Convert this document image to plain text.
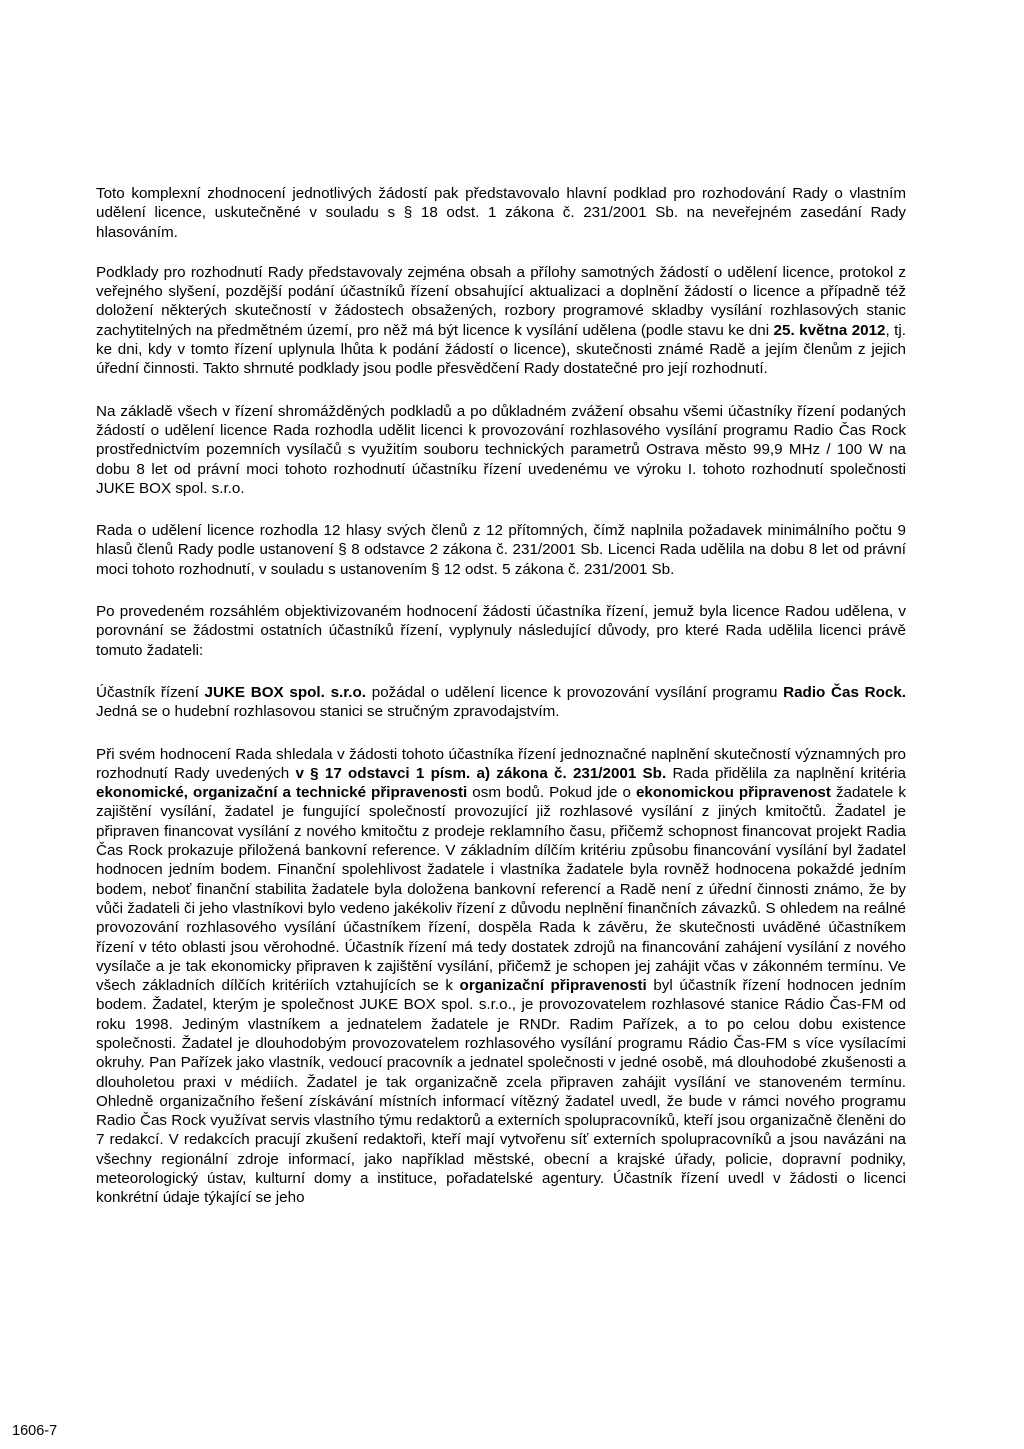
Toto komplexní zhodnocení jednotlivých žádostí pak představovalo hlavní podklad pro rozhodování Rady o vlastním udělení licence, uskutečněné v souladu s § 18 odst. 1 zákona č. 231/2001 Sb. na neveřejném zasedání Rady hlasováním.

Podklady pro rozhodnutí Rady představovaly zejména obsah a přílohy samotných žádostí o udělení licence, protokol z veřejného slyšení, pozdější podání účastníků řízení obsahující aktualizaci a doplnění žádostí o licence a případně též doložení některých skutečností v žádostech obsažených, rozbory programové skladby vysílání rozhlasových stanic zachytitelných na předmětném území, pro něž má být licence k vysílání udělena (podle stavu ke dni 25. května 2012, tj. ke dni, kdy v tomto řízení uplynula lhůta k podání žádostí o licence), skutečnosti známé Radě a jejím členům z jejich úřední činnosti. Takto shrnuté podklady jsou podle přesvědčení Rady dostatečné pro její rozhodnutí.

Na základě všech v řízení shromážděných podkladů a po důkladném zvážení obsahu všemi účastníky řízení podaných žádostí o udělení licence Rada rozhodla udělit licenci k provozování rozhlasového vysílání programu Radio Čas Rock prostřednictvím pozemních vysílačů s využitím souboru technických parametrů Ostrava město 99,9 MHz / 100 W na dobu 8 let od právní moci tohoto rozhodnutí účastníku řízení uvedenému ve výroku I. tohoto rozhodnutí společnosti JUKE BOX spol. s.r.o.

Rada o udělení licence rozhodla 12 hlasy svých členů z 12 přítomných, čímž naplnila požadavek minimálního počtu 9 hlasů členů Rady podle ustanovení § 8 odstavce 2 zákona č. 231/2001 Sb. Licenci Rada udělila na dobu 8 let od právní moci tohoto rozhodnutí, v souladu s ustanovením § 12 odst. 5 zákona č. 231/2001 Sb.

Po provedeném rozsáhlém objektivizovaném hodnocení žádosti účastníka řízení, jemuž byla licence Radou udělena, v porovnání se žádostmi ostatních účastníků řízení, vyplynuly následující důvody, pro které Rada udělila licenci právě tomuto žadateli:

Účastník řízení JUKE BOX spol. s.r.o. požádal o udělení licence k provozování vysílání programu Radio Čas Rock. Jedná se o hudební rozhlasovou stanici se stručným zpravodajstvím.

Při svém hodnocení Rada shledala v žádosti tohoto účastníka řízení jednoznačné naplnění skutečností významných pro rozhodnutí Rady uvedených v § 17 odstavci 1 písm. a) zákona č. 231/2001 Sb. Rada přidělila za naplnění kritéria ekonomické, organizační a technické připravenosti osm bodů. Pokud jde o ekonomickou připravenost žadatele k zajištění vysílání, žadatel je fungující společností provozující již rozhlasové vysílání z jiných kmitočtů. Žadatel je připraven financovat vysílání z nového kmitočtu z prodeje reklamního času, přičemž schopnost financovat projekt Radia Čas Rock prokazuje přiložená bankovní reference. V základním dílčím kritériu způsobu financování vysílání byl žadatel hodnocen jedním bodem. Finanční spolehlivost žadatele i vlastníka žadatele byla rovněž hodnocena pokaždé jedním bodem, neboť finanční stabilita žadatele byla doložena bankovní referencí a Radě není z úřední činnosti známo, že by vůči žadateli či jeho vlastníkovi bylo vedeno jakékoliv řízení z důvodu neplnění finančních závazků. S ohledem na reálné provozování rozhlasového vysílání účastníkem řízení, dospěla Rada k závěru, že skutečnosti uváděné účastníkem řízení v této oblasti jsou věrohodné. Účastník řízení má tedy dostatek zdrojů na financování zahájení vysílání z nového vysílače a je tak ekonomicky připraven k zajištění vysílání, přičemž je schopen jej zahájit včas v zákonném termínu. Ve všech základních dílčích kritériích vztahujících se k organizační připravenosti byl účastník řízení hodnocen jedním bodem. Žadatel, kterým je společnost JUKE BOX spol. s.r.o., je provozovatelem rozhlasové stanice Rádio Čas-FM od roku 1998. Jediným vlastníkem a jednatelem žadatele je RNDr. Radim Pařízek, a to po celou dobu existence společnosti. Žadatel je dlouhodobým provozovatelem rozhlasového vysílání programu Rádio Čas-FM s více vysílacími okruhy. Pan Pařízek jako vlastník, vedoucí pracovník a jednatel společnosti v jedné osobě, má dlouhodobé zkušenosti a dlouholetou praxi v médiích. Žadatel je tak organizačně zcela připraven zahájit vysílání ve stanoveném termínu. Ohledně organizačního řešení získávání místních informací vítězný žadatel uvedl, že bude v rámci nového programu Radio Čas Rock využívat servis vlastního týmu redaktorů a externích spolupracovníků, kteří jsou organizačně členěni do 7 redakcí. V redakcích pracují zkušení redaktoři, kteří mají vytvořenu síť externích spolupracovníků a jsou navázáni na všechny regionální zdroje informací, jako například městské, obecní a krajské úřady, policie, dopravní podniky, meteorologický ústav, kulturní domy a instituce, pořadatelské agentury. Účastník řízení uvedl v žádosti o licenci konkrétní údaje týkající se jeho

1606-7
